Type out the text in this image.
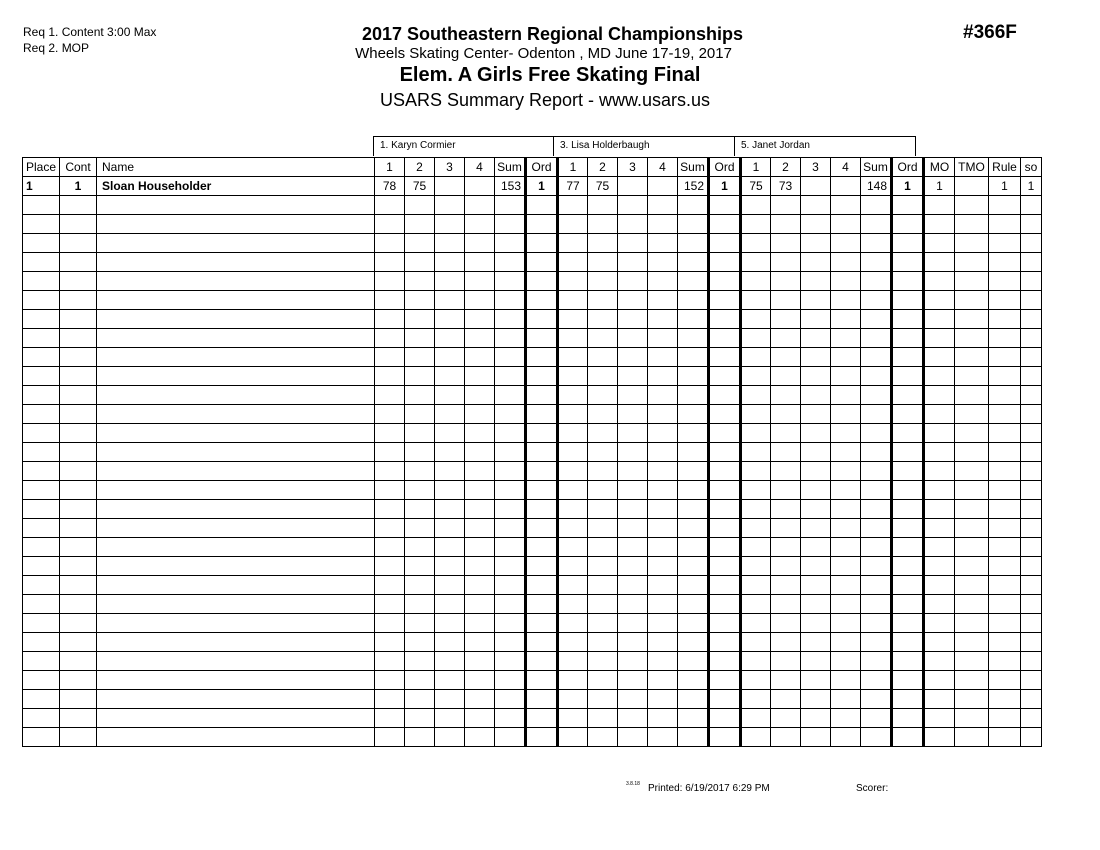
Req 1. Content 3:00 Max
Req 2. MOP
#366F
2017 Southeastern Regional Championships
Wheels Skating Center- Odenton , MD June 17-19, 2017
Elem. A Girls Free Skating Final
USARS Summary Report - www.usars.us
1. Karyn Cormier	3. Lisa Holderbaugh	5. Janet Jordan
Place	Cont	Name	1	2	3	4	Sum	Ord	1	2	3	4	Sum	Ord	1	2	3	4	Sum	Ord	MO	TMO	Rule	so
1	1	Sloan Householder	78	75			153	1	77	75			152	1	75	73			148	1	1		1	1

3.8.18 Printed: 6/19/2017 6:29 PM	Scorer:
